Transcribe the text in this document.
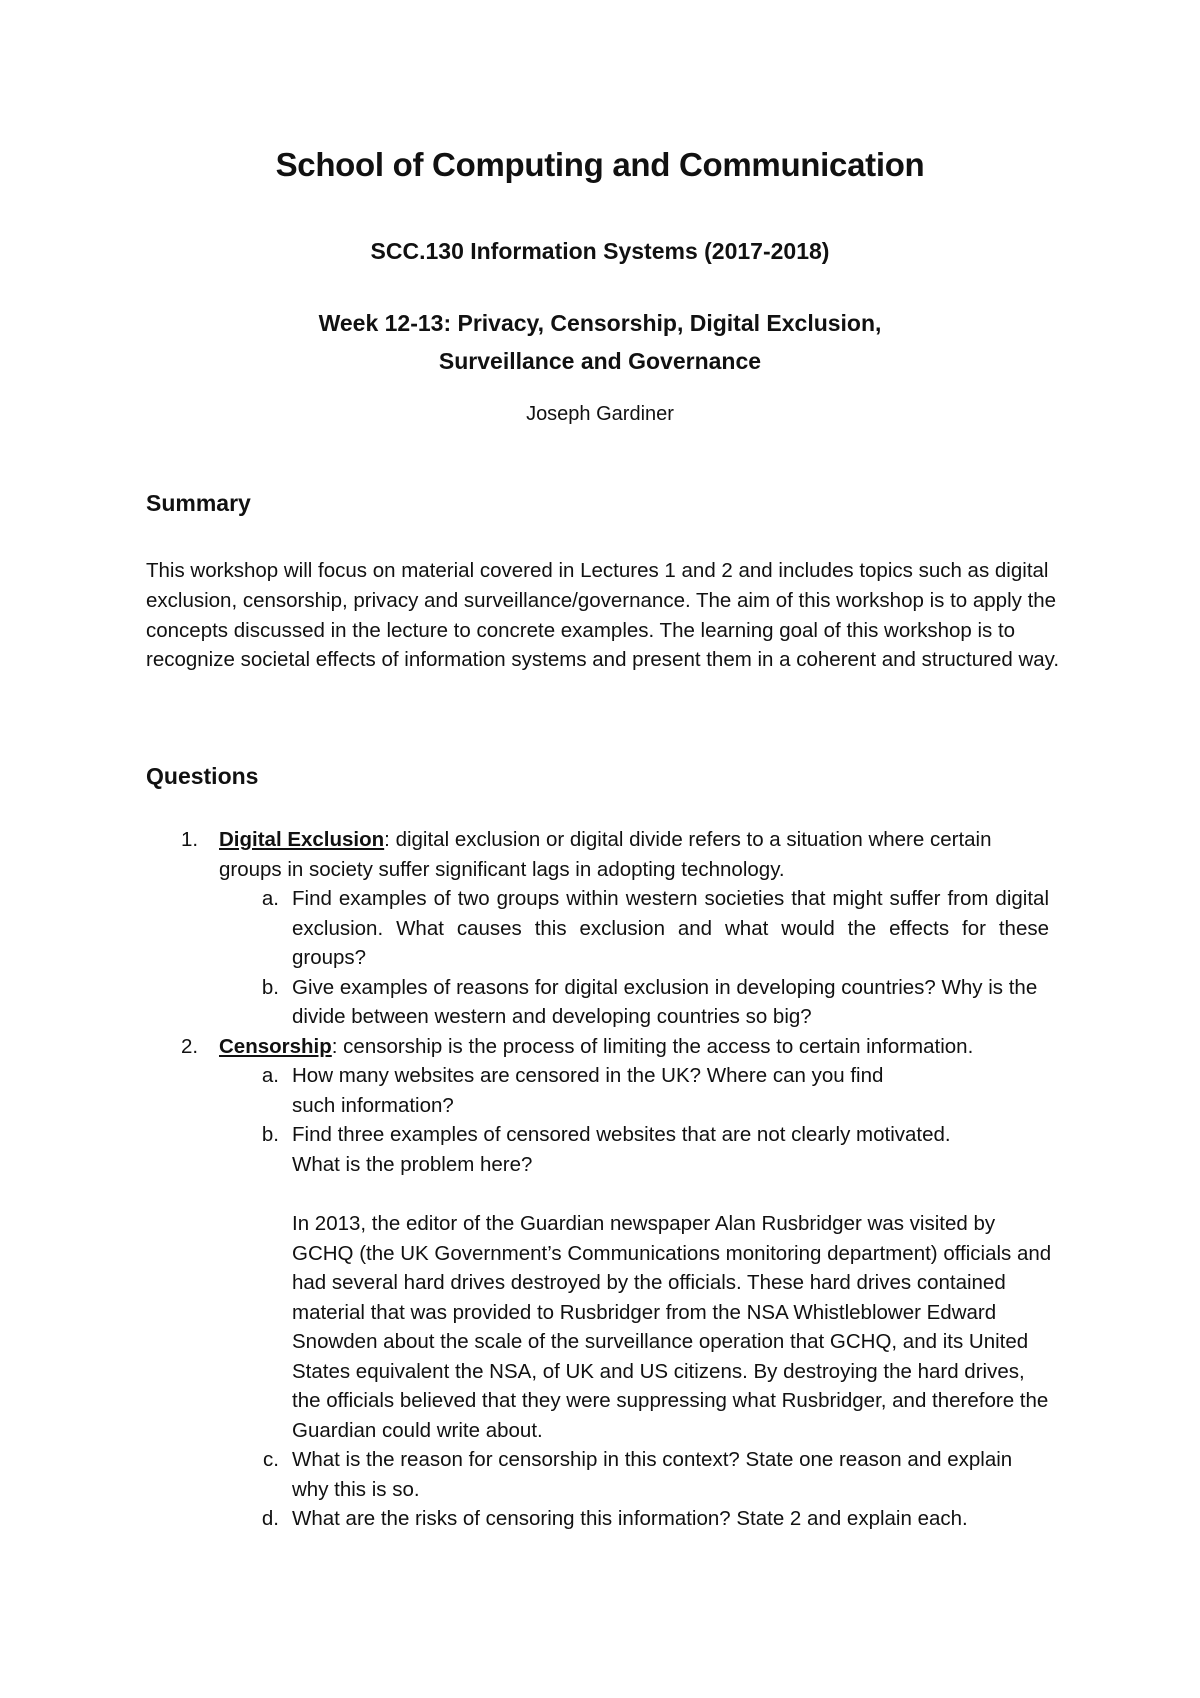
School of Computing and Communication
SCC.130 Information Systems (2017-2018)
Week 12-13: Privacy, Censorship, Digital Exclusion,
Surveillance and Governance
Joseph Gardiner
Summary

This workshop will focus on material covered in Lectures 1 and 2 and includes topics such as digital exclusion, censorship, privacy and surveillance/governance. The aim of this workshop is to apply the concepts discussed in the lecture to concrete examples. The learning goal of this workshop is to recognize societal effects of information systems and present them in a coherent and structured way.

Questions
1. Digital Exclusion: digital exclusion or digital divide refers to a situation where certain groups in society suffer significant lags in adopting technology.
a. Find examples of two groups within western societies that might suffer from digital exclusion. What causes this exclusion and what would the effects for these groups?
b. Give examples of reasons for digital exclusion in developing countries? Why is the divide between western and developing countries so big?
2. Censorship: censorship is the process of limiting the access to certain information.
a. How many websites are censored in the UK? Where can you find such information?
b. Find three examples of censored websites that are not clearly motivated. What is the problem here?
In 2013, the editor of the Guardian newspaper Alan Rusbridger was visited by GCHQ (the UK Government’s Communications monitoring department) officials and had several hard drives destroyed by the officials. These hard drives contained material that was provided to Rusbridger from the NSA Whistleblower Edward Snowden about the scale of the surveillance operation that GCHQ, and its United States equivalent the NSA, of UK and US citizens. By destroying the hard drives, the officials believed that they were suppressing what Rusbridger, and therefore the Guardian could write about.
c. What is the reason for censorship in this context? State one reason and explain why this is so.
d. What are the risks of censoring this information? State 2 and explain each.
